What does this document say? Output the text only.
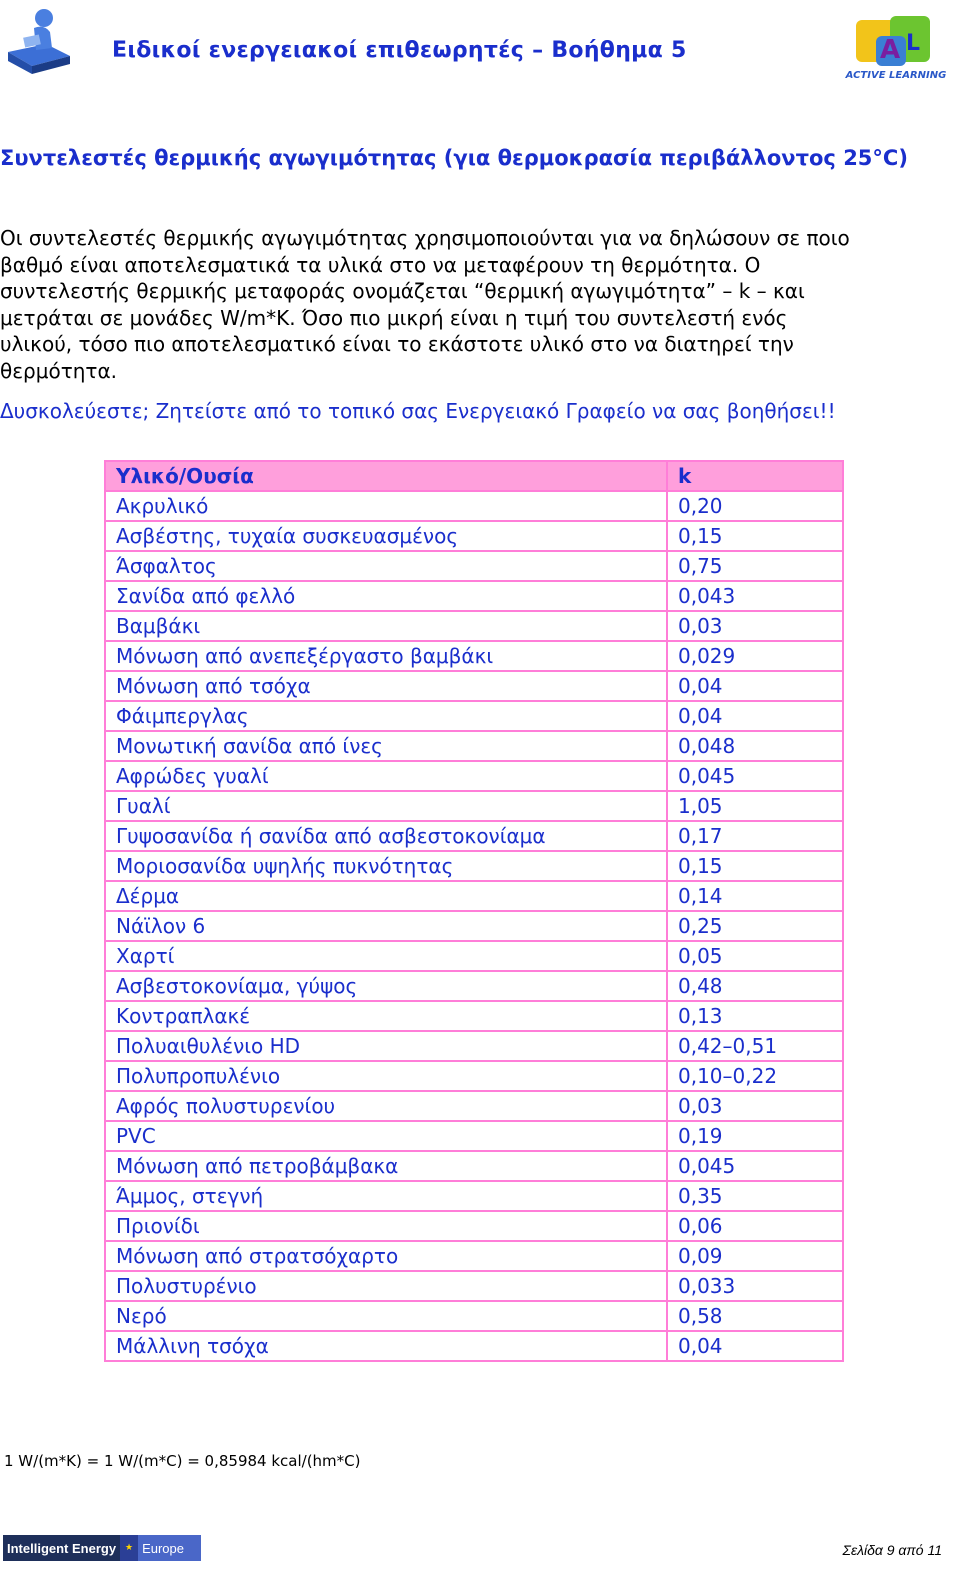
Ειδικοί ενεργειακοί επιθεωρητές – Βοήθημα 5	A L
ACTIVE LEARNING
Συντελεστές θερμικής αγωγιμότητας (για θερμοκρασία περιβάλλοντος 25°C)
Οι συντελεστές θερμικής αγωγιμότητας χρησιμοποιούνται για να δηλώσουν σε ποιο
βαθμό είναι αποτελεσματικά τα υλικά στο να μεταφέρουν τη θερμότητα. Ο
συντελεστής θερμικής μεταφοράς ονομάζεται “θερμική αγωγιμότητα” – k – και
μετράται σε μονάδες W/m*K. Όσο πιο μικρή είναι η τιμή του συντελεστή ενός
υλικού, τόσο πιο αποτελεσματικό είναι το εκάστοτε υλικό στο να διατηρεί την
θερμότητα.
Δυσκολεύεστε; Ζητείστε από το τοπικό σας Ενεργειακό Γραφείο να σας βοηθήσει!!
Υλικό/Ουσία	k
Ακρυλικό	0,20
Ασβέστης, τυχαία συσκευασμένος	0,15
Άσφαλτος	0,75
Σανίδα από φελλό	0,043
Βαμβάκι	0,03
Μόνωση από ανεπεξέργαστο βαμβάκι	0,029
Μόνωση από τσόχα	0,04
Φάιμπεργλας	0,04
Μονωτική σανίδα από ίνες	0,048
Αφρώδες γυαλί	0,045
Γυαλί	1,05
Γυψοσανίδα ή σανίδα από ασβεστοκονίαμα	0,17
Μοριοσανίδα υψηλής πυκνότητας	0,15
Δέρμα	0,14
Νάϊλον 6	0,25
Χαρτί	0,05
Ασβεστοκονίαμα, γύψος	0,48
Κοντραπλακέ	0,13
Πολυαιθυλένιο HD	0,42–0,51
Πολυπροπυλένιο	0,10–0,22
Αφρός πολυστυρενίου	0,03
PVC	0,19
Μόνωση από πετροβάμβακα	0,045
Άμμος, στεγνή	0,35
Πριονίδι	0,06
Μόνωση από στρατσόχαρτο	0,09
Πολυστυρένιο	0,033
Νερό	0,58
Μάλλινη τσόχα	0,04
1 W/(m*K) = 1 W/(m*C) = 0,85984 kcal/(hm*C)
Intelligent Energy ★ Europe	Σελίδα 9 από 11
